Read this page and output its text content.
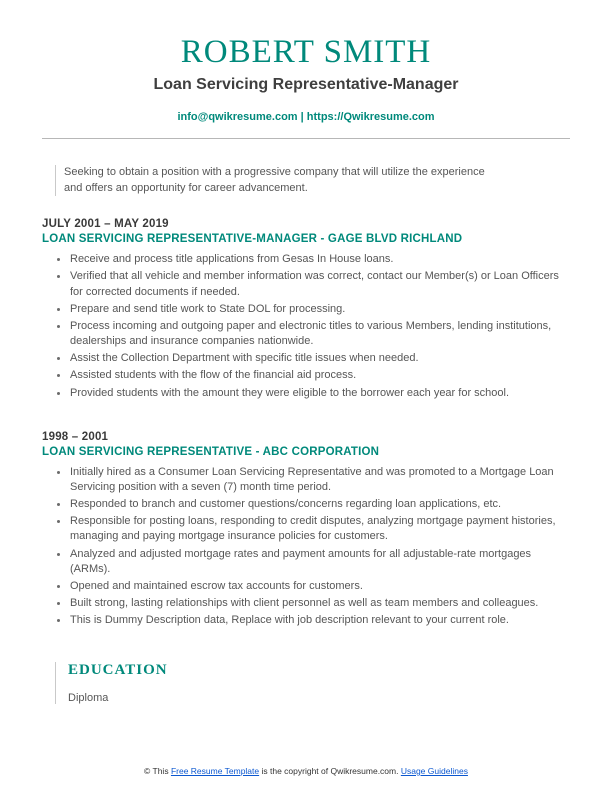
ROBERT SMITH
Loan Servicing Representative-Manager
info@qwikresume.com | https://Qwikresume.com
Seeking to obtain a position with a progressive company that will utilize the experience and offers an opportunity for career advancement.
JULY 2001 – MAY 2019
LOAN SERVICING REPRESENTATIVE-MANAGER - GAGE BLVD RICHLAND
• Receive and process title applications from Gesas In House loans.
• Verified that all vehicle and member information was correct, contact our Member(s) or Loan Officers for corrected documents if needed.
• Prepare and send title work to State DOL for processing.
• Process incoming and outgoing paper and electronic titles to various Members, lending institutions, dealerships and insurance companies nationwide.
• Assist the Collection Department with specific title issues when needed.
• Assisted students with the flow of the financial aid process.
• Provided students with the amount they were eligible to the borrower each year for school.
1998 – 2001
LOAN SERVICING REPRESENTATIVE - ABC CORPORATION
• Initially hired as a Consumer Loan Servicing Representative and was promoted to a Mortgage Loan Servicing position with a seven (7) month time period.
• Responded to branch and customer questions/concerns regarding loan applications, etc.
• Responsible for posting loans, responding to credit disputes, analyzing mortgage payment histories, managing and paying mortgage insurance policies for customers.
• Analyzed and adjusted mortgage rates and payment amounts for all adjustable-rate mortgages (ARMs).
• Opened and maintained escrow tax accounts for customers.
• Built strong, lasting relationships with client personnel as well as team members and colleagues.
• This is Dummy Description data, Replace with job description relevant to your current role.
EDUCATION
Diploma
© This Free Resume Template is the copyright of Qwikresume.com. Usage Guidelines
